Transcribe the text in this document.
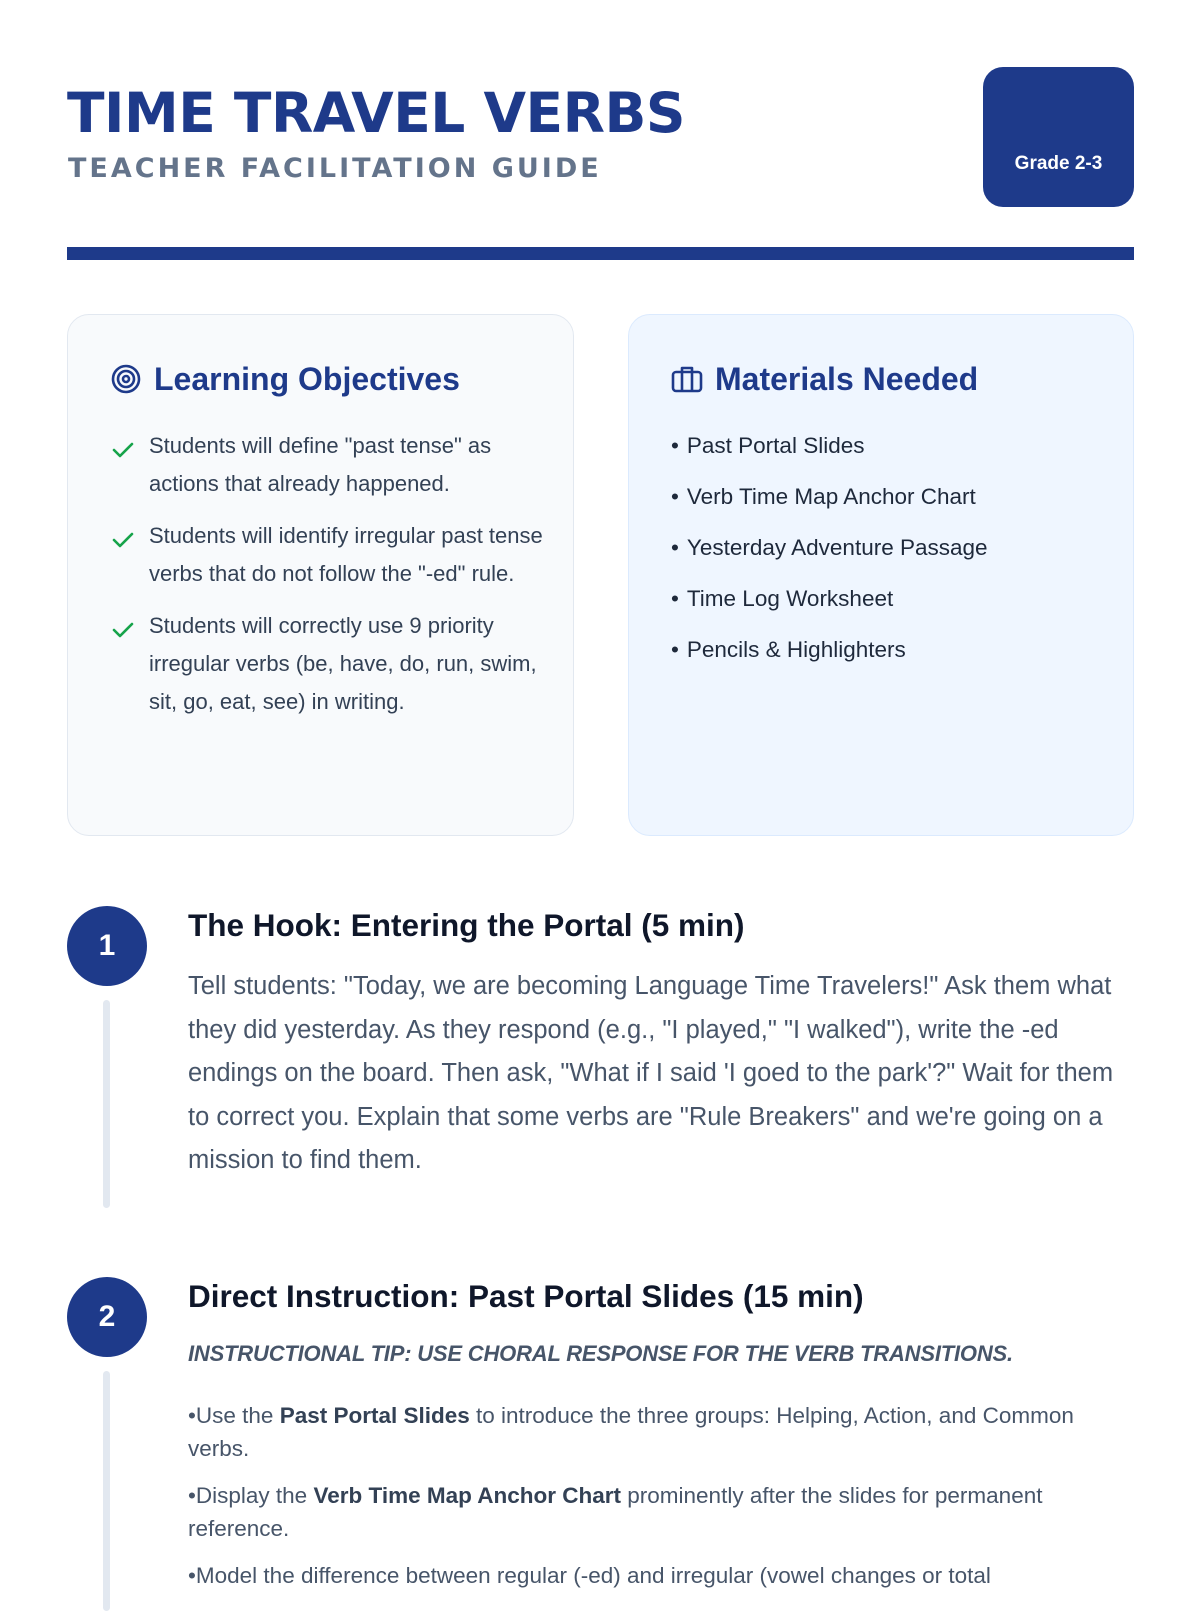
TIME TRAVEL VERBS
TEACHER FACILITATION GUIDE	Grade 2-3
Learning Objectives
Students will define "past tense" as actions that already happened.
Students will identify irregular past tense verbs that do not follow the "-ed" rule.
Students will correctly use 9 priority irregular verbs (be, have, do, run, swim, sit, go, eat, see) in writing.
Materials Needed
• Past Portal Slides
• Verb Time Map Anchor Chart
• Yesterday Adventure Passage
• Time Log Worksheet
• Pencils & Highlighters
1
The Hook: Entering the Portal (5 min)

Tell students: "Today, we are becoming Language Time Travelers!" Ask them what they did yesterday. As they respond (e.g., "I played," "I walked"), write the -ed endings on the board. Then ask, "What if I said 'I goed to the park'?" Wait for them to correct you. Explain that some verbs are "Rule Breakers" and we're going on a mission to find them.

2
Direct Instruction: Past Portal Slides (15 min)

INSTRUCTIONAL TIP: USE CHORAL RESPONSE FOR THE VERB TRANSITIONS.

• Use the Past Portal Slides to introduce the three groups: Helping, Action, and Common verbs.
• Display the Verb Time Map Anchor Chart prominently after the slides for permanent reference.
• Model the difference between regular (-ed) and irregular (vowel changes or total
